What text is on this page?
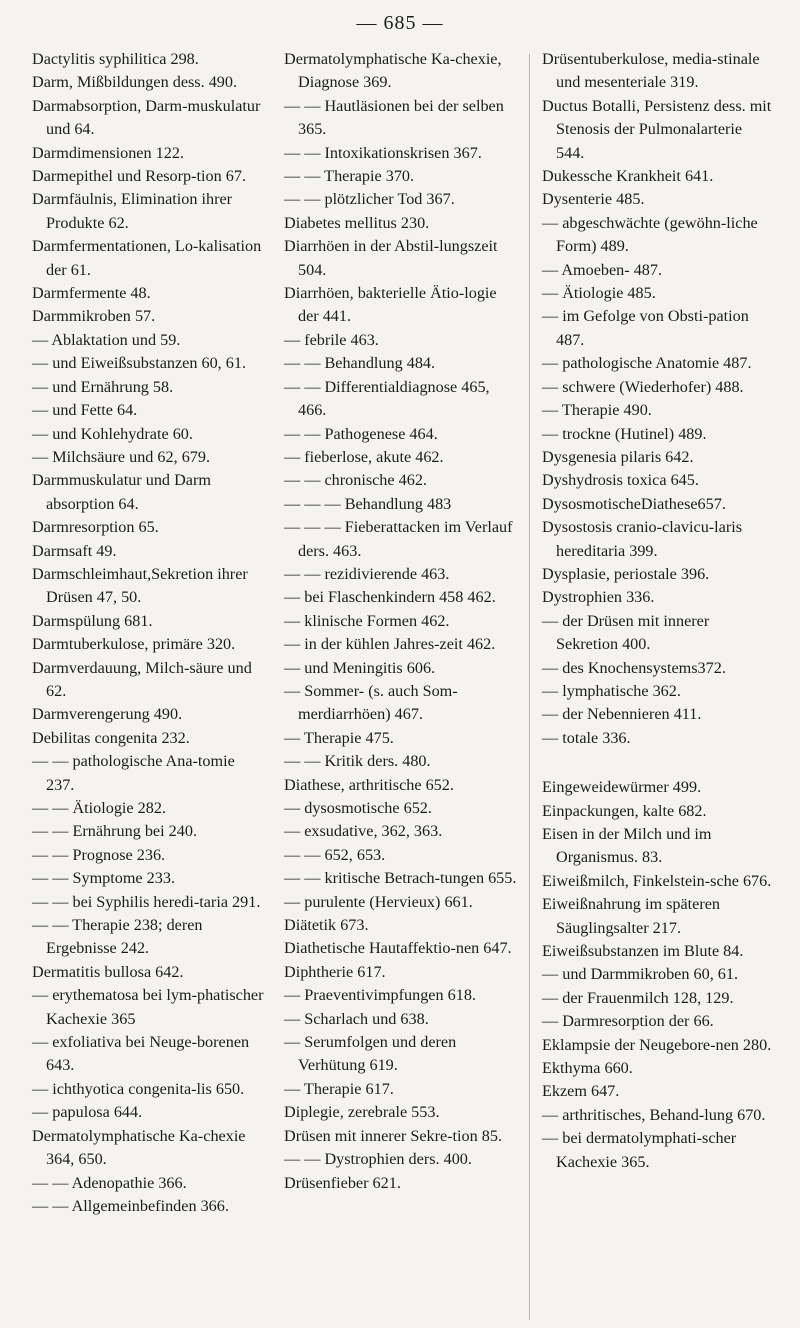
— 685 —
Dactylitis syphilitica 298.
Darm, Mißbildungen dess. 490.
Darmabsorption, Darm-muskulatur und 64.
Darmdimensionen 122.
Darmepithel und Resorp-tion 67.
Darmfäulnis, Elimination ihrer Produkte 62.
Darmfermentationen, Lo-kalisation der 61.
Darmfermente 48.
Darmmikroben 57.
— Ablaktation und 59.
— und Eiweißsubstanzen 60, 61.
— und Ernährung 58.
— und Fette 64.
— und Kohlehydrate 60.
— Milchsäure und 62, 679.
Darmmuskulatur und Darm absorption 64.
Darmresorption 65.
Darmsaft 49.
Darmschleimhaut,Sekretion ihrer Drüsen 47, 50.
Darmspülung 681.
Darmtuberkulose, primäre 320.
Darmverdauung, Milch-säure und 62.
Darmverengerung 490.
Debilitas congenita 232.
— — pathologische Ana-tomie 237.
— — Ätiologie 282.
— — Ernährung bei 240.
— — Prognose 236.
— — Symptome 233.
— — bei Syphilis heredi-taria 291.
— — Therapie 238; deren Ergebnisse 242.
Dermatitis bullosa 642.
— erythematosa bei lym-phatischer Kachexie 365
— exfoliativa bei Neuge-borenen 643.
— ichthyotica congenita-lis 650.
— papulosa 644.
Dermatolymphatische Ka-chexie 364, 650.
— — Adenopathie 366.
— — Allgemeinbefinden 366.
Dermatolymphatische Ka-chexie, Diagnose 369.
— — Hautläsionen bei der selben 365.
— — Intoxikationskrisen 367.
— — Therapie 370.
— — plötzlicher Tod 367.
Diabetes mellitus 230.
Diarrhöen in der Abstil-lungszeit 504.
Diarrhöen, bakterielle Ätio-logie der 441.
— febrile 463.
— — Behandlung 484.
— — Differentialdiagnose 465, 466.
— — Pathogenese 464.
— fieberlose, akute 462.
— — chronische 462.
— — — Behandlung 483
— — — Fieberattacken im Verlauf ders. 463.
— — rezidivierende 463.
— bei Flaschenkindern 458 462.
— klinische Formen 462.
— in der kühlen Jahres-zeit 462.
— und Meningitis 606.
— Sommer- (s. auch Som-merdiarrhöen) 467.
— Therapie 475.
— — Kritik ders. 480.
Diathese, arthritische 652.
— dysosmotische 652.
— exsudative, 362, 363.
— — 652, 653.
— — kritische Betrach-tungen 655.
— purulente (Hervieux) 661.
Diätetik 673.
Diathetische Hautaffektio-nen 647.
Diphtherie 617.
— Praeventivimpfungen 618.
— Scharlach und 638.
— Serumfolgen und deren Verhütung 619.
— Therapie 617.
Diplegie, zerebrale 553.
Drüsen mit innerer Sekre-tion 85.
— — Dystrophien ders. 400.
Drüsenfieber 621.
Drüsentuberkulose, media-stinale und mesenteriale 319.
Ductus Botalli, Persistenz dess. mit Stenosis der Pulmonalarterie 544.
Dukessche Krankheit 641.
Dysenterie 485.
— abgeschwächte (gewöhn-liche Form) 489.
— Amoeben- 487.
— Ätiologie 485.
— im Gefolge von Obsti-pation 487.
— pathologische Anatomie 487.
— schwere (Wiederhofer) 488.
— Therapie 490.
— trockne (Hutinel) 489.
Dysgenesia pilaris 642.
Dyshydrosis toxica 645.
DysosmotischeDiathese657.
Dysostosis cranio-clavicu-laris hereditaria 399.
Dysplasie, periostale 396.
Dystrophien 336.
— der Drüsen mit innerer Sekretion 400.
— des Knochensystems372.
— lymphatische 362.
— der Nebennieren 411.
— totale 336.
Eingeweidewürmer 499.
Einpackungen, kalte 682.
Eisen in der Milch und im Organismus. 83.
Eiweißmilch, Finkelstein-sche 676.
Eiweißnahrung im späteren Säuglingsalter 217.
Eiweißsubstanzen im Blute 84.
— und Darmmikroben 60, 61.
— der Frauenmilch 128, 129.
— Darmresorption der 66.
Eklampsie der Neugebore-nen 280.
Ekthyma 660.
Ekzem 647.
— arthritisches, Behand-lung 670.
— bei dermatolymphati-scher Kachexie 365.
